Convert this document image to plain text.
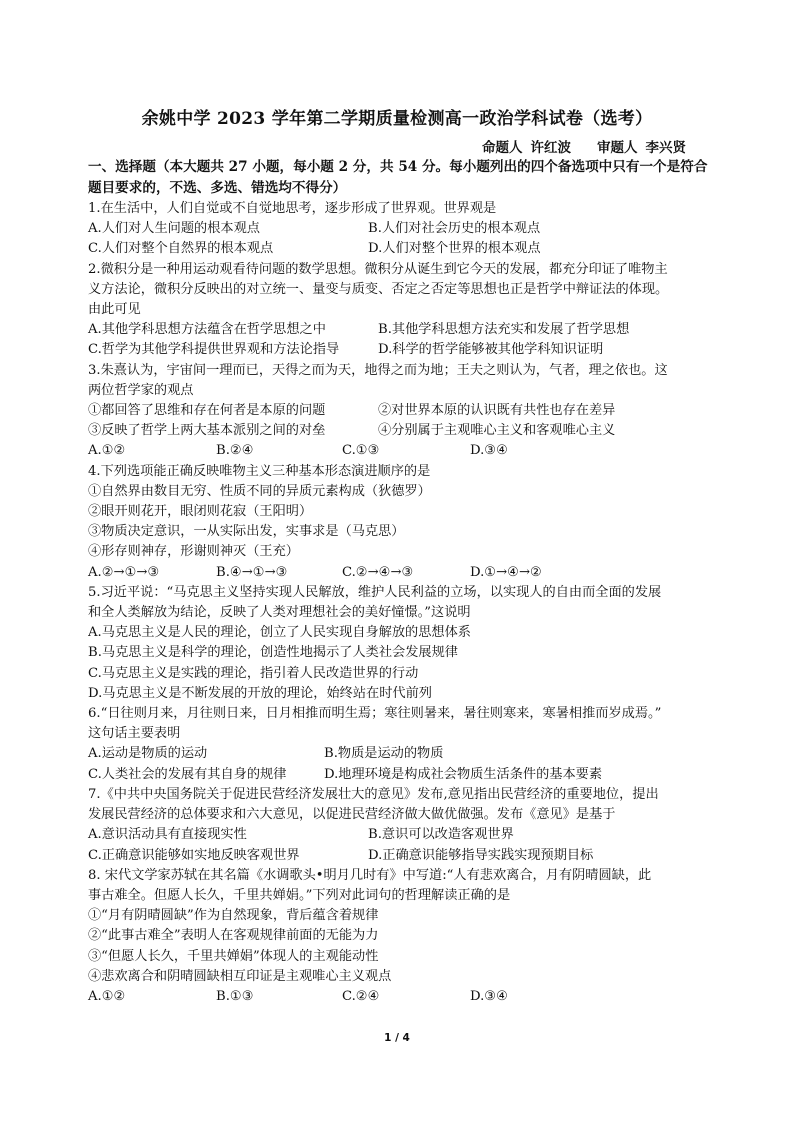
余姚中学 2023 学年第二学期质量检测高一政治学科试卷（选考）
命题人 许红波 审题人 李兴贤
一、选择题（本大题共 27 小题，每小题 2 分，共 54 分。每小题列出的四个备选项中只有一个是符合
题目要求的，不选、多选、错选均不得分）
1.在生活中，人们自觉或不自觉地思考，逐步形成了世界观。世界观是
A.人们对人生问题的根本观点	B.人们对社会历史的根本观点
C.人们对整个自然界的根本观点	D.人们对整个世界的根本观点
2.微积分是一种用运动观看待问题的数学思想。微积分从诞生到它今天的发展，都充分印证了唯物主
义方法论，微积分反映出的对立统一、量变与质变、否定之否定等思想也正是哲学中辩证法的体现。
由此可见
A.其他学科思想方法蕴含在哲学思想之中	B.其他学科思想方法充实和发展了哲学思想
C.哲学为其他学科提供世界观和方法论指导	D.科学的哲学能够被其他学科知识证明
3.朱熹认为，宇宙间一理而已，天得之而为天，地得之而为地；王夫之则认为，气者，理之依也。这
两位哲学家的观点
①都回答了思维和存在何者是本原的问题	②对世界本原的认识既有共性也存在差异
③反映了哲学上两大基本派别之间的对垒	④分别属于主观唯心主义和客观唯心主义
A.①②	B.②④	C.①③	D.③④
4.下列选项能正确反映唯物主义三种基本形态演进顺序的是
①自然界由数目无穷、性质不同的异质元素构成（狄德罗）
②眼开则花开，眼闭则花寂（王阳明）
③物质决定意识，一从实际出发，实事求是（马克思）
④形存则神存，形谢则神灭（王充）
A.②→①→③	B.④→①→③	C.②→④→③	D.①→④→②
5.习近平说：“马克思主义坚持实现人民解放，维护人民利益的立场，以实现人的自由而全面的发展
和全人类解放为结论，反映了人类对理想社会的美好憧憬。”这说明
A.马克思主义是人民的理论，创立了人民实现自身解放的思想体系
B.马克思主义是科学的理论，创造性地揭示了人类社会发展规律
C.马克思主义是实践的理论，指引着人民改造世界的行动
D.马克思主义是不断发展的开放的理论，始终站在时代前列
6.“日往则月来，月往则日来，日月相推而明生焉；寒往则暑来，暑往则寒来，寒暑相推而岁成焉。”
这句话主要表明
A.运动是物质的运动	B.物质是运动的物质
C.人类社会的发展有其自身的规律	D.地理环境是构成社会物质生活条件的基本要素
7.《中共中央国务院关于促进民营经济发展壮大的意见》发布,意见指出民营经济的重要地位，提出
发展民营经济的总体要求和六大意见，以促进民营经济做大做优做强。发布《意见》是基于
A.意识活动具有直接现实性	B.意识可以改造客观世界
C.正确意识能够如实地反映客观世界	D.正确意识能够指导实践实现预期目标
8. 宋代文学家苏轼在其名篇《水调歌头•明月几时有》中写道:“人有悲欢离合，月有阴晴圆缺，此
事古难全。但愿人长久，千里共婵娟。”下列对此词句的哲理解读正确的是
①“月有阴晴圆缺”作为自然现象，背后蕴含着规律
②“此事古难全”表明人在客观规律前面的无能为力
③“但愿人长久，千里共婵娟”体现人的主观能动性
④悲欢离合和阴晴圆缺相互印证是主观唯心主义观点
A.①②	B.①③	C.②④	D.③④
1 / 4
